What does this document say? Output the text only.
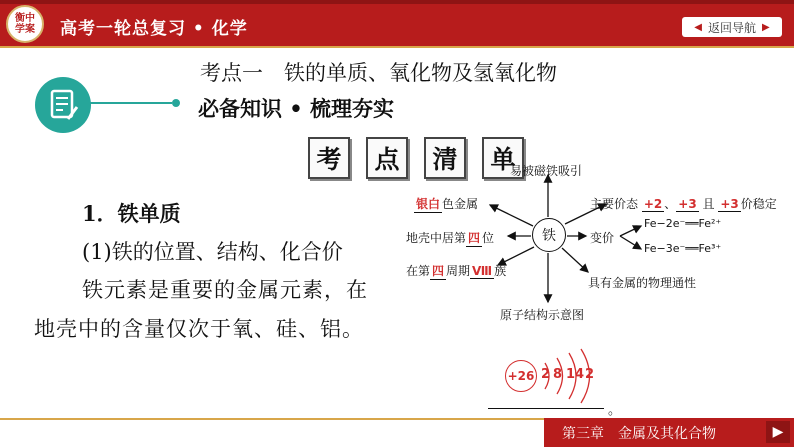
衡中
学案 高考一轮总复习 • 化学	◀ 返回导航 ▶
考点一　铁的单质、氧化物及氢氧化物
必备知识 • 梳理夯实
考	点	清	单
1．铁单质
(1)铁的位置、结构、化合价
铁元素是重要的金属元素，在
地壳中的含量仅次于氧、硅、铝。
铁
易被磁铁吸引
银白 色金属	主要价态 +2 、 +3 且 +3 价稳定
地壳中居第 四 位	变价
Fe−2e⁻══Fe²⁺
Fe−3e⁻══Fe³⁺
在第 四 周期 Ⅷ 族
具有金属的物理通性
原子结构示意图
+26 2 8 14 2
。
第三章　金属及其化合物	▶
